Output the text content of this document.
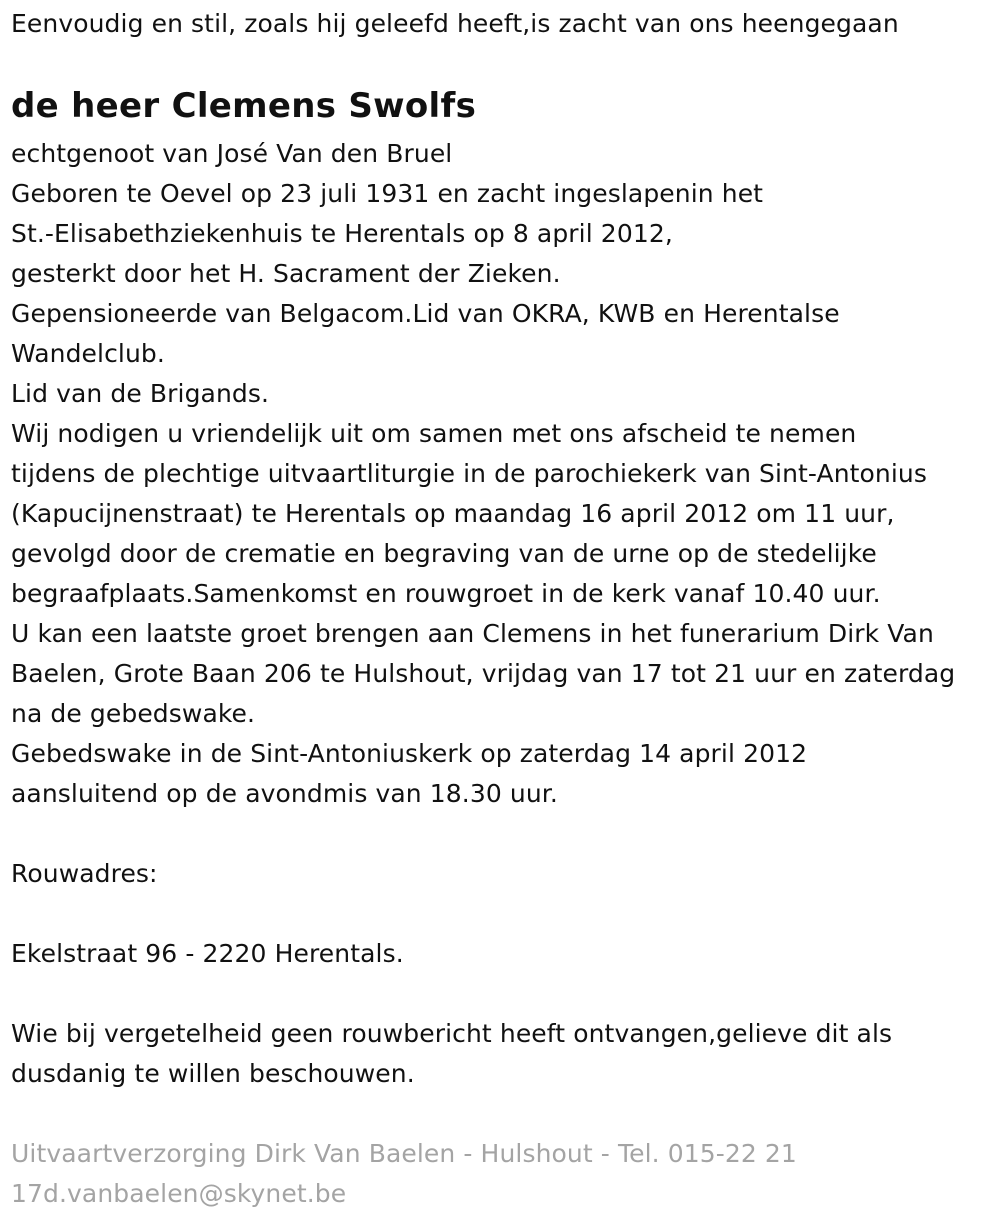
Eenvoudig en stil, zoals hij geleefd heeft,is zacht van ons heengegaan
de heer Clemens Swolfs
echtgenoot van José Van den Bruel
Geboren te Oevel op 23 juli 1931 en zacht ingeslapenin het
St.-Elisabethziekenhuis te Herentals op 8 april 2012,
gesterkt door het H. Sacrament der Zieken.
Gepensioneerde van Belgacom.Lid van OKRA, KWB en Herentalse
Wandelclub.
Lid van de Brigands.
Wij nodigen u vriendelijk uit om samen met ons afscheid te nemen
tijdens de plechtige uitvaartliturgie in de parochiekerk van Sint-Antonius
(Kapucijnenstraat) te Herentals op maandag 16 april 2012 om 11 uur,
gevolgd door de crematie en begraving van de urne op de stedelijke
begraafplaats.Samenkomst en rouwgroet in de kerk vanaf 10.40 uur.
U kan een laatste groet brengen aan Clemens in het funerarium Dirk Van
Baelen, Grote Baan 206 te Hulshout, vrijdag van 17 tot 21 uur en zaterdag
na de gebedswake.
Gebedswake in de Sint-Antoniuskerk op zaterdag 14 april 2012
aansluitend op de avondmis van 18.30 uur.
Rouwadres:
Ekelstraat 96 - 2220 Herentals.
Wie bij vergetelheid geen rouwbericht heeft ontvangen,gelieve dit als
dusdanig te willen beschouwen.
Uitvaartverzorging Dirk Van Baelen - Hulshout - Tel. 015-22 21
17d.vanbaelen@skynet.be
